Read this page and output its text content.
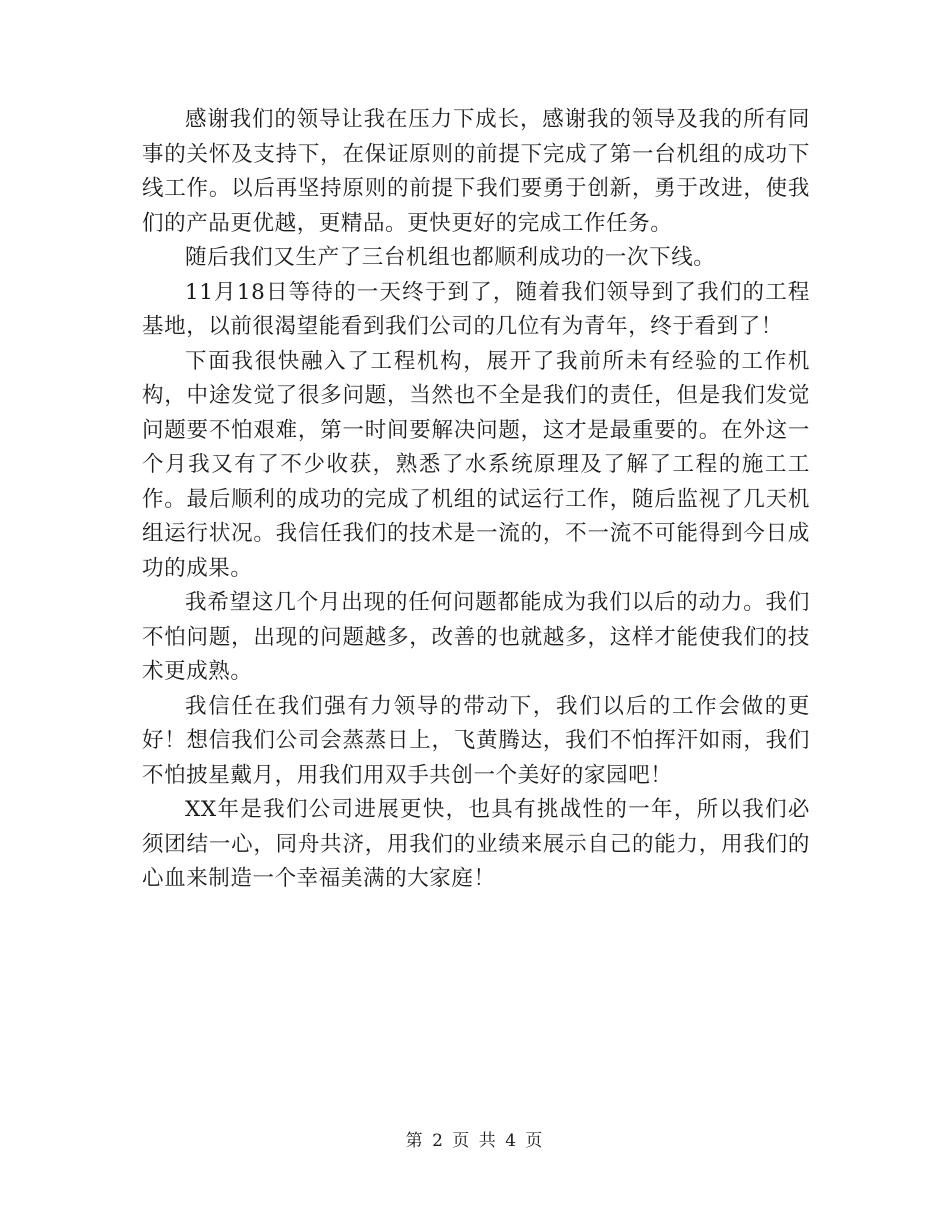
感谢我们的领导让我在压力下成长，感谢我的领导及我的所有同事的关怀及支持下，在保证原则的前提下完成了第一台机组的成功下线工作。以后再坚持原则的前提下我们要勇于创新，勇于改进，使我们的产品更优越，更精品。更快更好的完成工作任务。

随后我们又生产了三台机组也都顺利成功的一次下线。

11月18日等待的一天终于到了，随着我们领导到了我们的工程基地，以前很渴望能看到我们公司的几位有为青年，终于看到了！

下面我很快融入了工程机构，展开了我前所未有经验的工作机构，中途发觉了很多问题，当然也不全是我们的责任，但是我们发觉问题要不怕艰难，第一时间要解决问题，这才是最重要的。在外这一个月我又有了不少收获，熟悉了水系统原理及了解了工程的施工工作。最后顺利的成功的完成了机组的试运行工作，随后监视了几天机组运行状况。我信任我们的技术是一流的，不一流不可能得到今日成功的成果。

我希望这几个月出现的任何问题都能成为我们以后的动力。我们不怕问题，出现的问题越多，改善的也就越多，这样才能使我们的技术更成熟。

我信任在我们强有力领导的带动下，我们以后的工作会做的更好！想信我们公司会蒸蒸日上，飞黄腾达，我们不怕挥汗如雨，我们不怕披星戴月，用我们用双手共创一个美好的家园吧！

XX年是我们公司进展更快，也具有挑战性的一年，所以我们必须团结一心，同舟共济，用我们的业绩来展示自己的能力，用我们的心血来制造一个幸福美满的大家庭！

第 2 页 共 4 页
